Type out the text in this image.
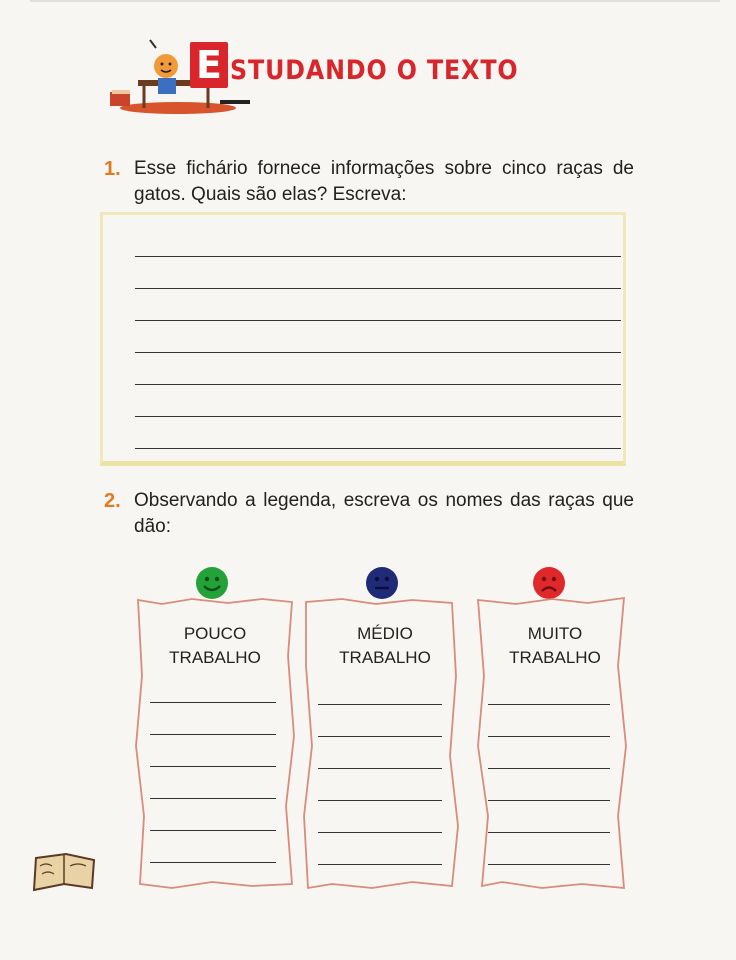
E STUDANDO O TEXTO
1. Esse fichário fornece informações sobre cinco raças de gatos. Quais são elas? Escreva:
2. Observando a legenda, escreva os nomes das raças que dão:
POUCO
TRABALHO
MÉDIO
TRABALHO
MUITO
TRABALHO
